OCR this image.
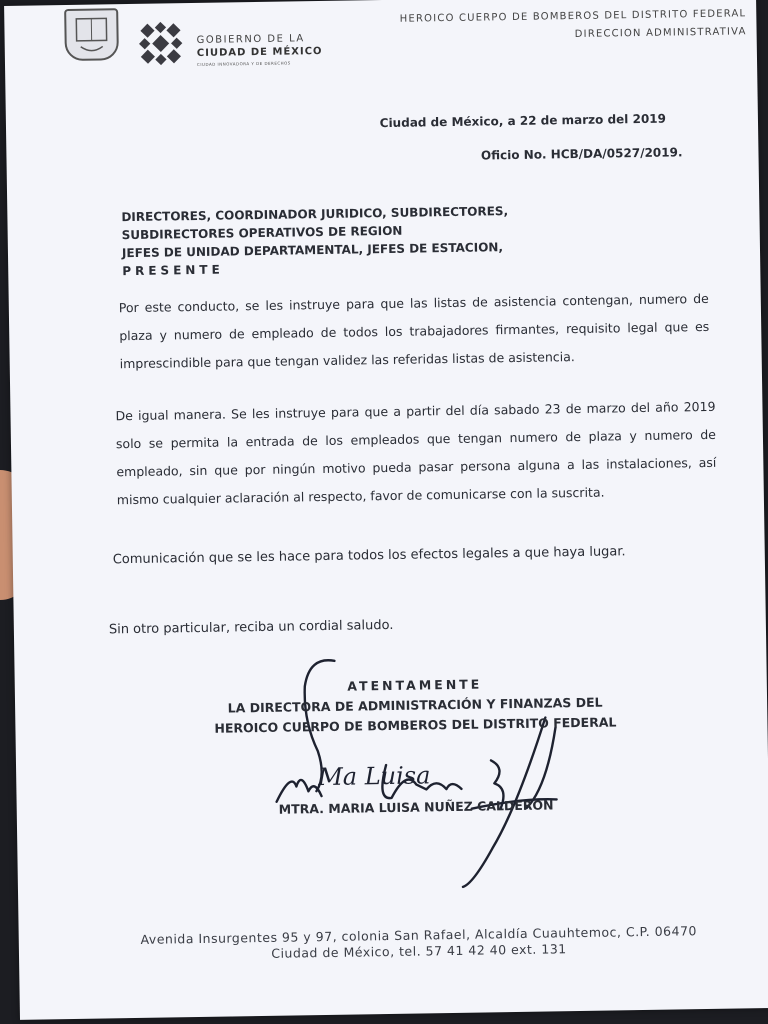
GOBIERNO DE LA
CIUDAD DE MÉXICO
CIUDAD INNOVADORA Y DE DERECHOS
HEROICO CUERPO DE BOMBEROS DEL DISTRITO FEDERAL
DIRECCION ADMINISTRATIVA
Ciudad de México, a 22 de marzo del 2019
Oficio No. HCB/DA/0527/2019.
DIRECTORES, COORDINADOR JURIDICO, SUBDIRECTORES,
SUBDIRECTORES OPERATIVOS DE REGION
JEFES DE UNIDAD DEPARTAMENTAL, JEFES DE ESTACION,
PRESENTE

Por este conducto, se les instruye para que las listas de asistencia contengan, numero de plaza y numero de empleado de todos los trabajadores firmantes, requisito legal que es imprescindible para que tengan validez las referidas listas de asistencia.

De igual manera. Se les instruye para que a partir del día sabado 23 de marzo del año 2019 solo se permita la entrada de los empleados que tengan numero de plaza y numero de empleado, sin que por ningún motivo pueda pasar persona alguna a las instalaciones, así mismo cualquier aclaración al respecto, favor de comunicarse con la suscrita.

Comunicación que se les hace para todos los efectos legales a que haya lugar.

Sin otro particular, reciba un cordial saludo.

Ma Luisa
ATENTAMENTE
LA DIRECTORA DE ADMINISTRACIÓN Y FINANZAS DEL
HEROICO CUERPO DE BOMBEROS DEL DISTRITO FEDERAL
MTRA. MARIA LUISA NUÑEZ CALDERON
Avenida Insurgentes 95 y 97, colonia San Rafael, Alcaldía Cuauhtemoc, C.P. 06470
Ciudad de México, tel. 57 41 42 40 ext. 131
